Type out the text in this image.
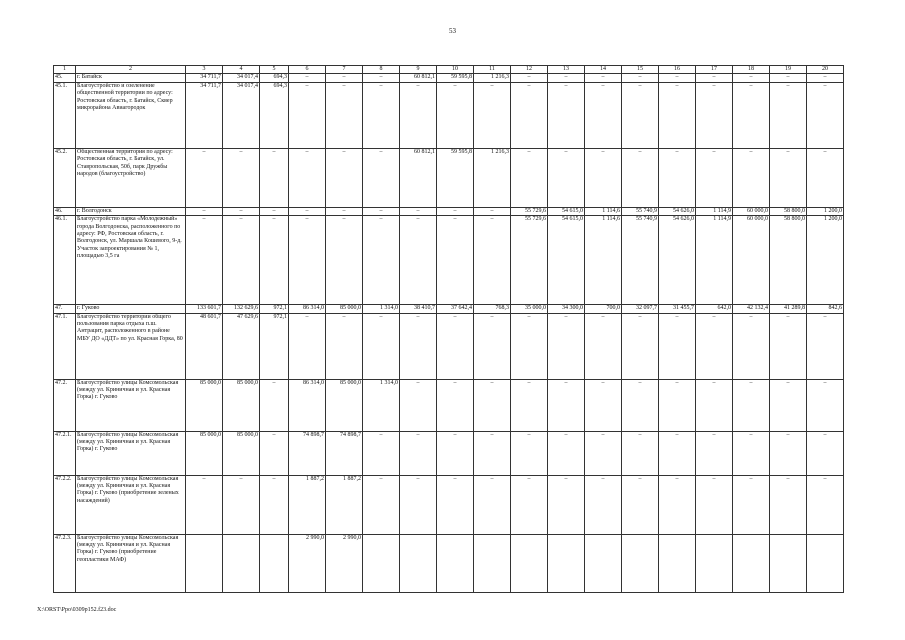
53
1	2	3	4	5	6	7	8	9	10	11	12	13	14	15	16	17	18	19	20
45.	г. Батайск	34 711,7	34 017,4	694,3	–	–	–	60 812,1	59 595,8	1 216,3	–	–	–	–	–	–	–	–	–
45.1.	Благоустройство и озеленение общественной территории по адресу: Ростовская область, г. Батайск, Сквер микрорайона Авиагородок	34 711,7	34 017,4	694,3	–	–	–	–	–	–	–	–	–	–	–	–	–	–	–
45.2.	Общественная территория по адресу: Ростовская область, г. Батайск, ул. Ставропольская, 50б, парк Дружбы народов (благоустройство)	–	–	–	–	–	–	60 812,1	59 595,8	1 216,3	–	–	–	–	–	–	–	–	–
46.	г. Волгодонск	–	–	–	–	–	–	–	–	–	55 729,6	54 615,0	1 114,6	55 740,9	54 626,0	1 114,9	60 000,0	58 800,0	1 200,0
46.1.	Благоустройство парка «Молодежный» города Волгодонска, расположенного по адресу: РФ, Ростовская область, г. Волгодонск, ул. Маршала Кошевого, 9-д. Участок запроектирования № 1, площадью 3,5 га	–	–	–	–	–	–	–	–	–	55 729,6	54 615,0	1 114,6	55 740,9	54 626,0	1 114,9	60 000,0	58 800,0	1 200,0
47.	г. Гуково	133 601,7	132 629,6	972,1	86 314,0	85 000,0	1 314,0	38 410,7	37 642,4	768,3	35 000,0	34 300,0	700,0	32 097,7	31 455,7	642,0	42 132,4	41 289,8	842,6
47.1.	Благоустройство территории общего пользования парка отдыха п.ш. Антрацит, расположенного в районе МБУ ДО «ДДТ» по ул. Красная Горка, 80	48 601,7	47 629,6	972,1	–	–	–	–	–	–	–	–	–	–	–	–	–	–	–
47.2.	Благоустройство улицы Комсомольская (между ул. Криничная и ул. Красная Горка) г. Гуково	85 000,0	85 000,0	–	86 314,0	85 000,0	1 314,0	–	–	–	–	–	–	–	–	–	–	–	–
47.2.1.	Благоустройство улицы Комсомольская (между ул. Криничная и ул. Красная Горка) г. Гуково	85 000,0	85 000,0	–	74 898,7	74 898,7	–	–	–	–	–	–	–	–	–	–	–	–	–
47.2.2.	Благоустройство улицы Комсомольская (между ул. Криничная и ул. Красная Горка) г. Гуково (приобретение зеленых насаждений)	–	–	–	1 887,2	1 887,2	–	–	–	–	–	–	–	–	–	–	–	–	–
47.2.3.	Благоустройство улицы Комсомольская (между ул. Криничная и ул. Красная Горка) г. Гуково (приобретение геопластики МАФ)				2 990,0	2 990,0													
X:\ORST\Ppo\0309p152.f23.doc
